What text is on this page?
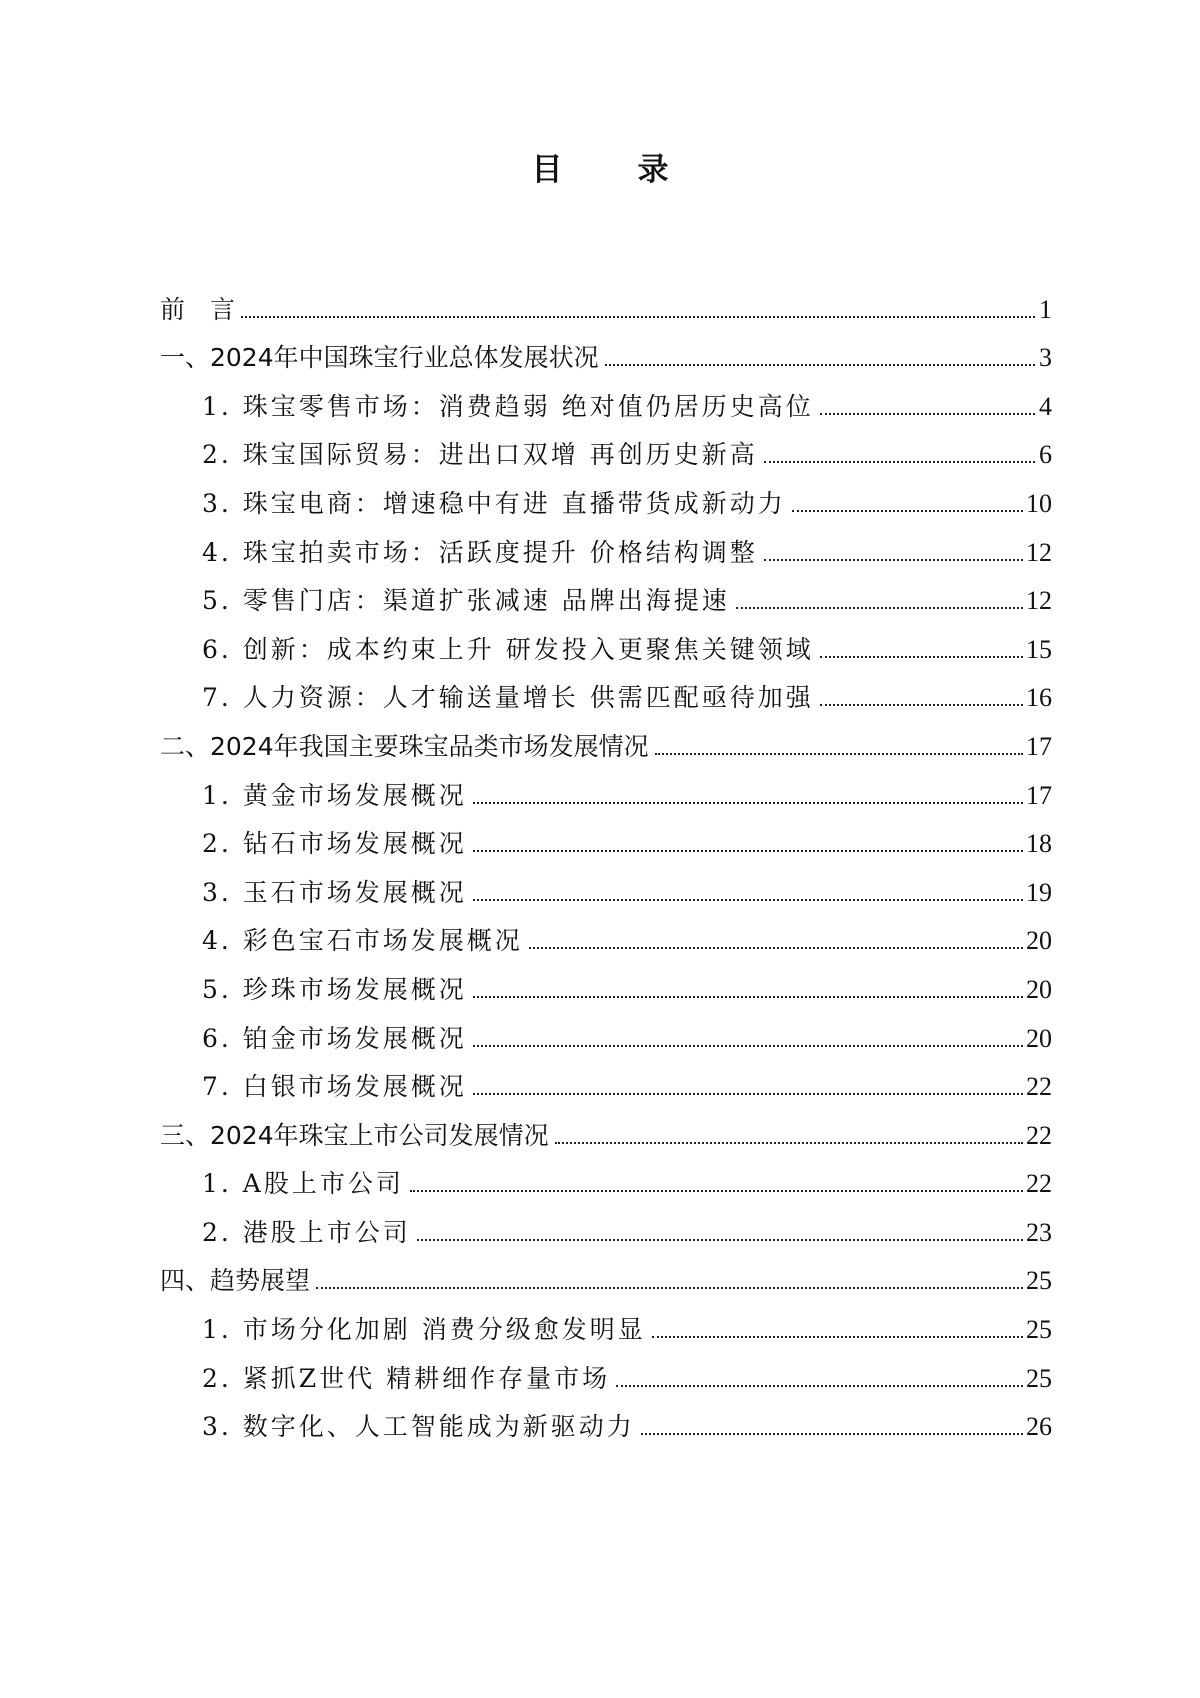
目　录
前　言	1
一、2024年中国珠宝行业总体发展状况	3
1. 珠宝零售市场：消费趋弱 绝对值仍居历史高位	4
2. 珠宝国际贸易：进出口双增 再创历史新高	6
3. 珠宝电商：增速稳中有进 直播带货成新动力	10
4. 珠宝拍卖市场：活跃度提升 价格结构调整	12
5. 零售门店：渠道扩张减速 品牌出海提速	12
6. 创新：成本约束上升 研发投入更聚焦关键领域	15
7. 人力资源：人才输送量增长 供需匹配亟待加强	16
二、2024年我国主要珠宝品类市场发展情况	17
1. 黄金市场发展概况	17
2. 钻石市场发展概况	18
3. 玉石市场发展概况	19
4. 彩色宝石市场发展概况	20
5. 珍珠市场发展概况	20
6. 铂金市场发展概况	20
7. 白银市场发展概况	22
三、2024年珠宝上市公司发展情况	22
1. A股上市公司	22
2. 港股上市公司	23
四、趋势展望	25
1. 市场分化加剧 消费分级愈发明显	25
2. 紧抓Z世代 精耕细作存量市场	25
3. 数字化、人工智能成为新驱动力	26
